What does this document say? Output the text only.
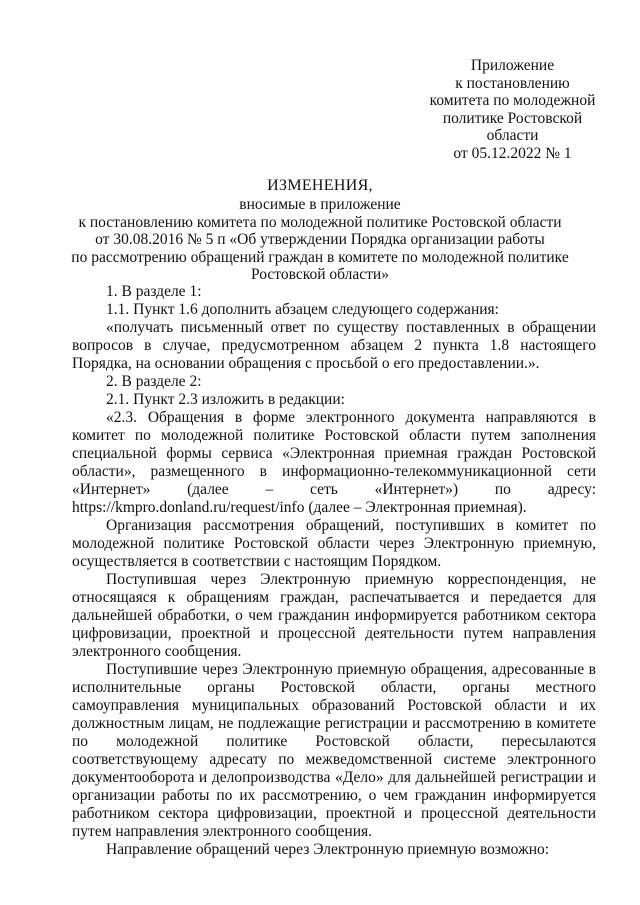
Приложение
к постановлению
комитета по молодежной
политике Ростовской
области
от 05.12.2022 № 1
ИЗМЕНЕНИЯ,
вносимые в приложение
к постановлению комитета по молодежной политике Ростовской области
от 30.08.2016 № 5 п «Об утверждении Порядка организации работы
по рассмотрению обращений граждан в комитете по молодежной политике
Ростовской области»

1. В разделе 1:

1.1. Пункт 1.6 дополнить абзацем следующего содержания:

«получать письменный ответ по существу поставленных в обращении вопросов в случае, предусмотренном абзацем 2 пункта 1.8 настоящего Порядка, на основании обращения с просьбой о его предоставлении.».

2. В разделе 2:

2.1. Пункт 2.3 изложить в редакции:

«2.3. Обращения в форме электронного документа направляются в комитет по молодежной политике Ростовской области путем заполнения специальной формы сервиса «Электронная приемная граждан Ростовской области», размещенного в информационно-телекоммуникационной сети «Интернет» (далее – сеть «Интернет») по адресу: https://kmpro.donland.ru/request/info (далее – Электронная приемная).

Организация рассмотрения обращений, поступивших в комитет по молодежной политике Ростовской области через Электронную приемную, осуществляется в соответствии с настоящим Порядком.

Поступившая через Электронную приемную корреспонденция, не относящаяся к обращениям граждан, распечатывается и передается для дальнейшей обработки, о чем гражданин информируется работником сектора цифровизации, проектной и процессной деятельности путем направления электронного сообщения.

Поступившие через Электронную приемную обращения, адресованные в исполнительные органы Ростовской области, органы местного самоуправления муниципальных образований Ростовской области и их должностным лицам, не подлежащие регистрации и рассмотрению в комитете по молодежной политике Ростовской области, пересылаются соответствующему адресату по межведомственной системе электронного документооборота и делопроизводства «Дело» для дальнейшей регистрации и организации работы по их рассмотрению, о чем гражданин информируется работником сектора цифровизации, проектной и процессной деятельности путем направления электронного сообщения.

Направление обращений через Электронную приемную возможно:
